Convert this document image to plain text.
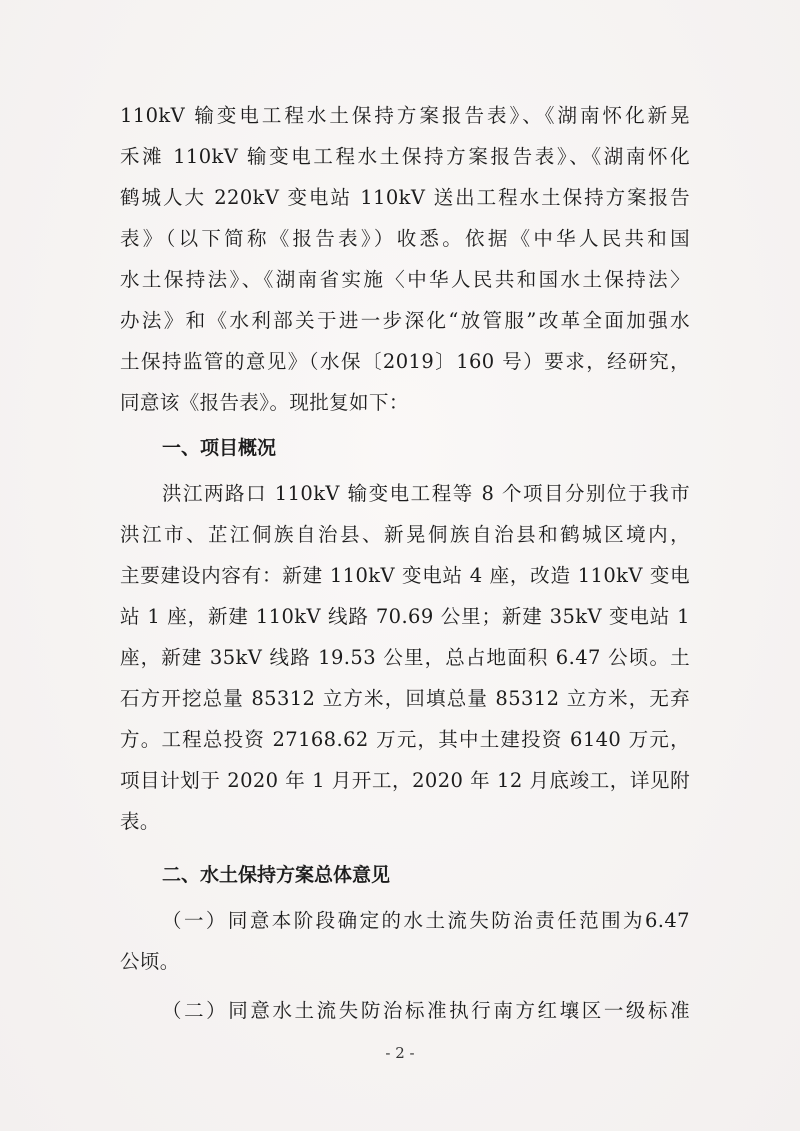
110kV 输变电工程水土保持方案报告表》、《湖南怀化新晃
禾滩 110kV 输变电工程水土保持方案报告表》、《湖南怀化
鹤城人大 220kV 变电站 110kV 送出工程水土保持方案报告
表》（以下简称《报告表》）收悉。依据《中华人民共和国
水土保持法》、《湖南省实施〈中华人民共和国水土保持法〉
办法》和《水利部关于进一步深化“放管服”改革全面加强水
土保持监管的意见》（水保〔2019〕160 号）要求，经研究，
同意该《报告表》。现批复如下：
一、项目概况
洪江两路口 110kV 输变电工程等 8 个项目分别位于我市
洪江市、芷江侗族自治县、新晃侗族自治县和鹤城区境内，
主要建设内容有：新建 110kV 变电站 4 座，改造 110kV 变电
站 1 座，新建 110kV 线路 70.69 公里；新建 35kV 变电站 1
座，新建 35kV 线路 19.53 公里，总占地面积 6.47 公顷。土
石方开挖总量 85312 立方米，回填总量 85312 立方米，无弃
方。工程总投资 27168.62 万元，其中土建投资 6140 万元，
项目计划于 2020 年 1 月开工，2020 年 12 月底竣工，详见附
表。
二、水土保持方案总体意见
（一）同意本阶段确定的水土流失防治责任范围为6.47
公顷。
（二）同意水土流失防治标准执行南方红壤区一级标准
- 2 -
